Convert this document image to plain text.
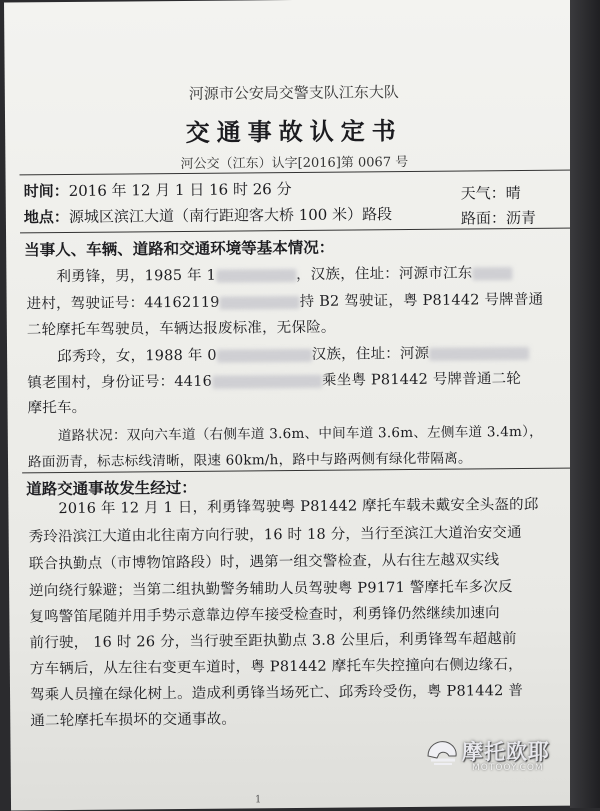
河源市公安局交警支队江东大队
交通事故认定书
河公交（江东）认字[2016]第 0067 号
时间：2016 年 12 月 1 日 16 时 26 分	天气：晴
地点：源城区滨江大道（南行距迎客大桥 100 米）路段	路面：沥青
当事人、车辆、道路和交通环境等基本情况：
利勇锋，男，1985 年 1	，汉族，住址：河源市江东
进村，驾驶证号：44162119	持 B2 驾驶证，粤 P81442 号牌普通
二轮摩托车驾驶员，车辆达报废标准，无保险。
邱秀玲，女，1988 年 0	汉族，住址：河源
镇老围村，身份证号：4416	乘坐粤 P81442 号牌普通二轮
摩托车。
道路状况：双向六车道（右侧车道 3.6m、中间车道 3.6m、左侧车道 3.4m），
路面沥青，标志标线清晰，限速 60km/h，路中与路两侧有绿化带隔离。
道路交通事故发生经过：
2016 年 12 月 1 日，利勇锋驾驶粤 P81442 摩托车载未戴安全头盔的邱
秀玲沿滨江大道由北往南方向行驶，16 时 18 分，当行至滨江大道治安交通
联合执勤点（市博物馆路段）时，遇第一组交警检查，从右往左越双实线
逆向绕行躲避；当第二组执勤警务辅助人员驾驶粤 P9171 警摩托车多次反
复鸣警笛尾随并用手势示意靠边停车接受检查时，利勇锋仍然继续加速向
前行驶， 16 时 26 分，当行驶至距执勤点 3.8 公里后，利勇锋驾车超越前
方车辆后，从左往右变更车道时，粤 P81442 摩托车失控撞向右侧边缘石，
驾乘人员撞在绿化树上。造成利勇锋当场死亡、邱秀玲受伤，粤 P81442 普
通二轮摩托车损坏的交通事故。
1
摩托欧耶
MOTOOY.COM
